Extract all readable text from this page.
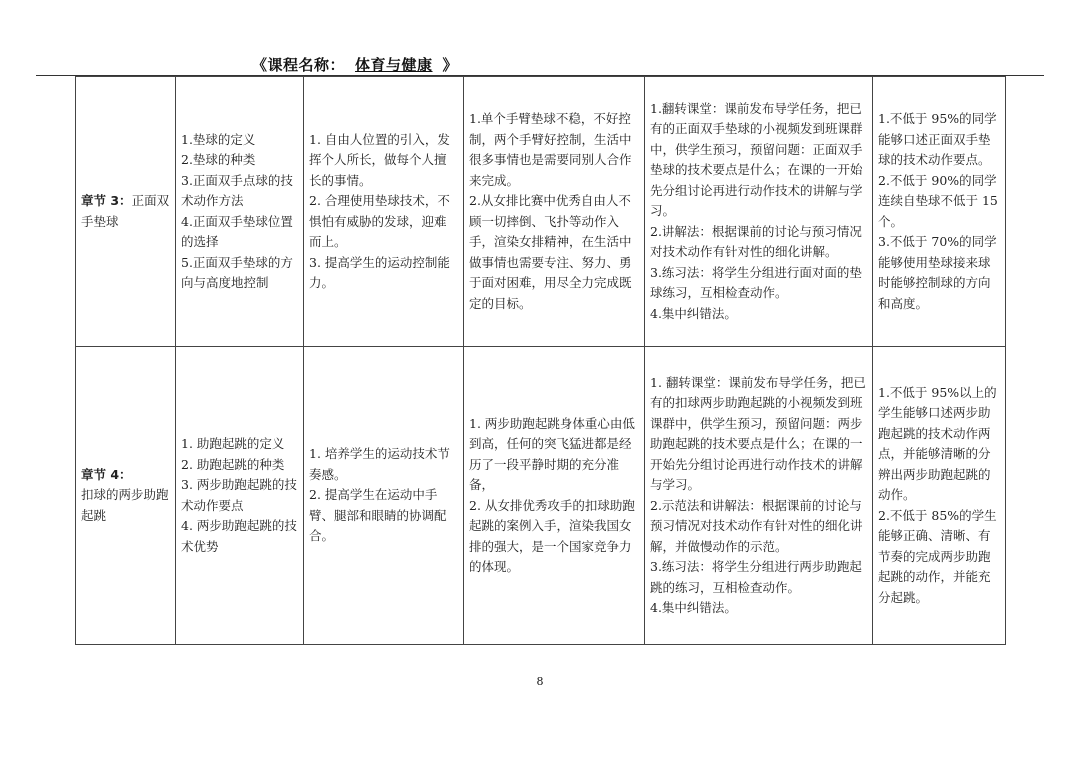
《课程名称： 体育与健康 》
章节 3：正面双手垫球	1.垫球的定义
2.垫球的种类
3.正面双手点球的技术动作方法
4.正面双手垫球位置的选择
5.正面双手垫球的方向与高度地控制	1. 自由人位置的引入，发挥个人所长，做每个人擅长的事情。
2. 合理使用垫球技术，不惧怕有威胁的发球，迎难而上。
3. 提高学生的运动控制能力。	1.单个手臂垫球不稳，不好控制，两个手臂好控制，生活中很多事情也是需要同别人合作来完成。
2.从女排比赛中优秀自由人不顾一切摔倒、飞扑等动作入手，渲染女排精神，在生活中做事情也需要专注、努力、勇于面对困难，用尽全力完成既定的目标。	1.翻转课堂：课前发布导学任务，把已有的正面双手垫球的小视频发到班课群中，供学生预习，预留问题：正面双手垫球的技术要点是什么；在课的一开始先分组讨论再进行动作技术的讲解与学习。
2.讲解法：根据课前的讨论与预习情况对技术动作有针对性的细化讲解。
3.练习法：将学生分组进行面对面的垫球练习，互相检查动作。
4.集中纠错法。	1.不低于 95%的同学能够口述正面双手垫球的技术动作要点。
2.不低于 90%的同学连续自垫球不低于 15 个。
3.不低于 70%的同学能够使用垫球接来球时能够控制球的方向和高度。

章节 4：
扣球的两步助跑起跳	1. 助跑起跳的定义
2. 助跑起跳的种类
3. 两步助跑起跳的技术动作要点
4. 两步助跑起跳的技术优势	1. 培养学生的运动技术节奏感。
2. 提高学生在运动中手臂、腿部和眼睛的协调配合。	1. 两步助跑起跳身体重心由低到高，任何的突飞猛进都是经历了一段平静时期的充分准备，
2. 从女排优秀攻手的扣球助跑起跳的案例入手，渲染我国女排的强大，是一个国家竞争力的体现。	1. 翻转课堂：课前发布导学任务，把已有的扣球两步助跑起跳的小视频发到班课群中，供学生预习，预留问题：两步助跑起跳的技术要点是什么；在课的一开始先分组讨论再进行动作技术的讲解与学习。
2.示范法和讲解法：根据课前的讨论与预习情况对技术动作有针对性的细化讲解，并做慢动作的示范。
3.练习法：将学生分组进行两步助跑起跳的练习，互相检查动作。
4.集中纠错法。	1.不低于 95%以上的学生能够口述两步助跑起跳的技术动作两点，并能够清晰的分辨出两步助跑起跳的动作。
2.不低于 85%的学生能够正确、清晰、有节奏的完成两步助跑起跳的动作，并能充分起跳。
8
